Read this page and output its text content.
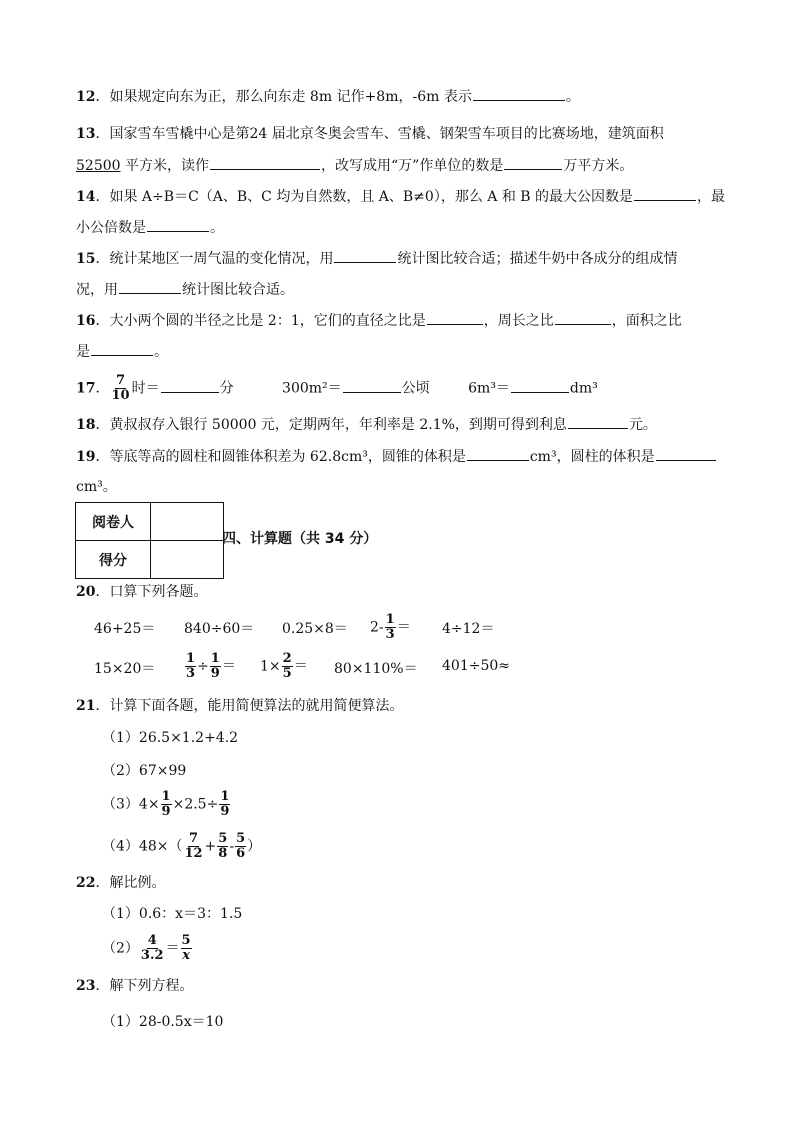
12．如果规定向东为正，那么向东走 8m 记作+8m，-6m 表示	。
13．国家雪车雪橇中心是第24 届北京冬奥会雪车、雪橇、钢架雪车项目的比赛场地，建筑面积
52500 平方米，读作	，改写成用“万”作单位的数是	万平方米。
14．如果 A÷B＝C（A、B、C 均为自然数，且 A、B≠0），那么 A 和 B 的最大公因数是	，最
小公倍数是	。
15．统计某地区一周气温的变化情况，用	统计图比较合适；描述牛奶中各成分的组成情
况，用	统计图比较合适。
16．大小两个圆的半径之比是 2：1，它们的直径之比是	，周长之比	，面积之比
是	。
17． $\frac{7}{10}$ 时＝	分	300m²＝	公顷	6m³＝	dm³
18．黄叔叔存入银行 50000 元，定期两年，年利率是 2.1%，到期可得到利息	元。
19．等底等高的圆柱和圆锥体积差为 62.8cm³，圆锥的体积是	cm³，圆柱的体积是
cm³。
阅卷人	
得分	
四、计算题（共 34 分）
20．口算下列各题。
$46+25= 840\div 60= 0.25\times 8= 2- \frac{1}{3} = 4\div 12=$
$15\times 20= \frac{1}{3} \div \frac{1}{9} = 1\times \frac{2}{5} = 80\times 110\%= 401\div 50\approx$
21．计算下面各题，能用简便算法的就用简便算法。
（1）26.5×1.2+4.2
（2）67×99
$(3)4\times \frac{1}{9} \times 2.5\div \frac{1}{9}$
$(4)48\times( \frac{7}{12} + \frac{5}{8} - \frac{5}{6}$ ）
22．解比例。
（1）0.6：x＝3：1.5
$(2) \frac{4}{3.2} = \frac{5}{x}$
23．解下列方程。
（1）28-0.5x＝10
